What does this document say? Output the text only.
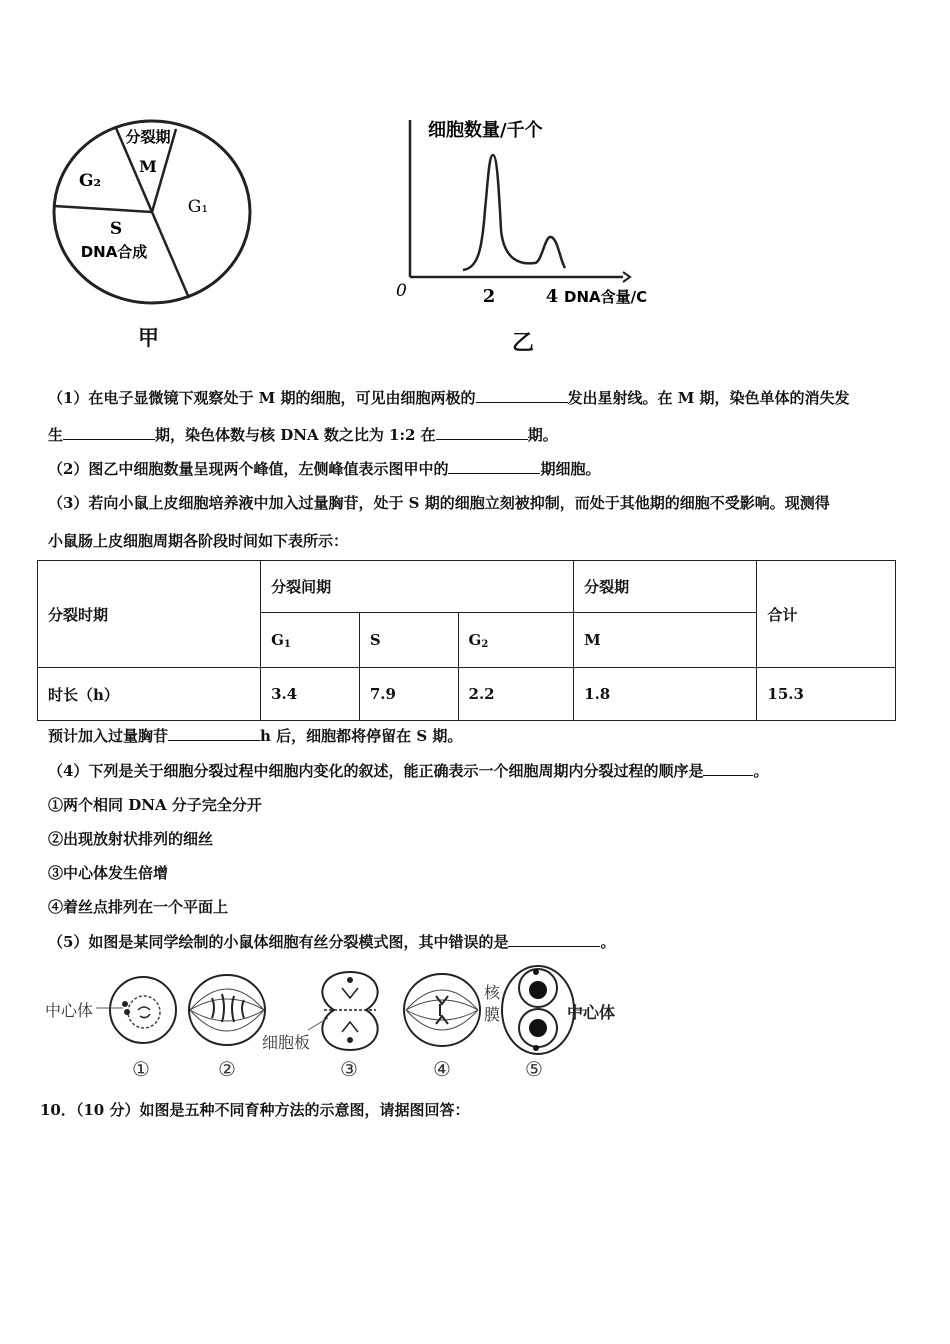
分裂期
M
G₂
G₁
S
DNA合成
甲
细胞数量/千个
0	2	4 DNA含量/C
乙
（1）在电子显微镜下观察处于 M 期的细胞，可见由细胞两极的	发出星射线。在 M 期，染色单体的消失发
生	期，染色体数与核 DNA 数之比为 1:2 在	期。
（2）图乙中细胞数量呈现两个峰值，左侧峰值表示图甲中的	期细胞。
（3）若向小鼠上皮细胞培养液中加入过量胸苷，处于 S 期的细胞立刻被抑制，而处于其他期的细胞不受影响。现测得
小鼠肠上皮细胞周期各阶段时间如下表所示：
分裂时期	分裂间期			分裂期	合计
	$G_1$	S	$G_2$	M	
时长（h）	3.4	7.9	2.2	1.8	15.3
预计加入过量胸苷	h 后，细胞都将停留在 S 期。
（4）下列是关于细胞分裂过程中细胞内变化的叙述，能正确表示一个细胞周期内分裂过程的顺序是	。
①两个相同 DNA 分子完全分开
②出现放射状排列的细丝
③中心体发生倍增
④着丝点排列在一个平面上
（5）如图是某同学绘制的小鼠体细胞有丝分裂模式图，其中错误的是	。
中心体
细胞板
核
膜	中心体
①	②	③	④	⑤
10．（10 分）如图是五种不同育种方法的示意图，请据图回答：
